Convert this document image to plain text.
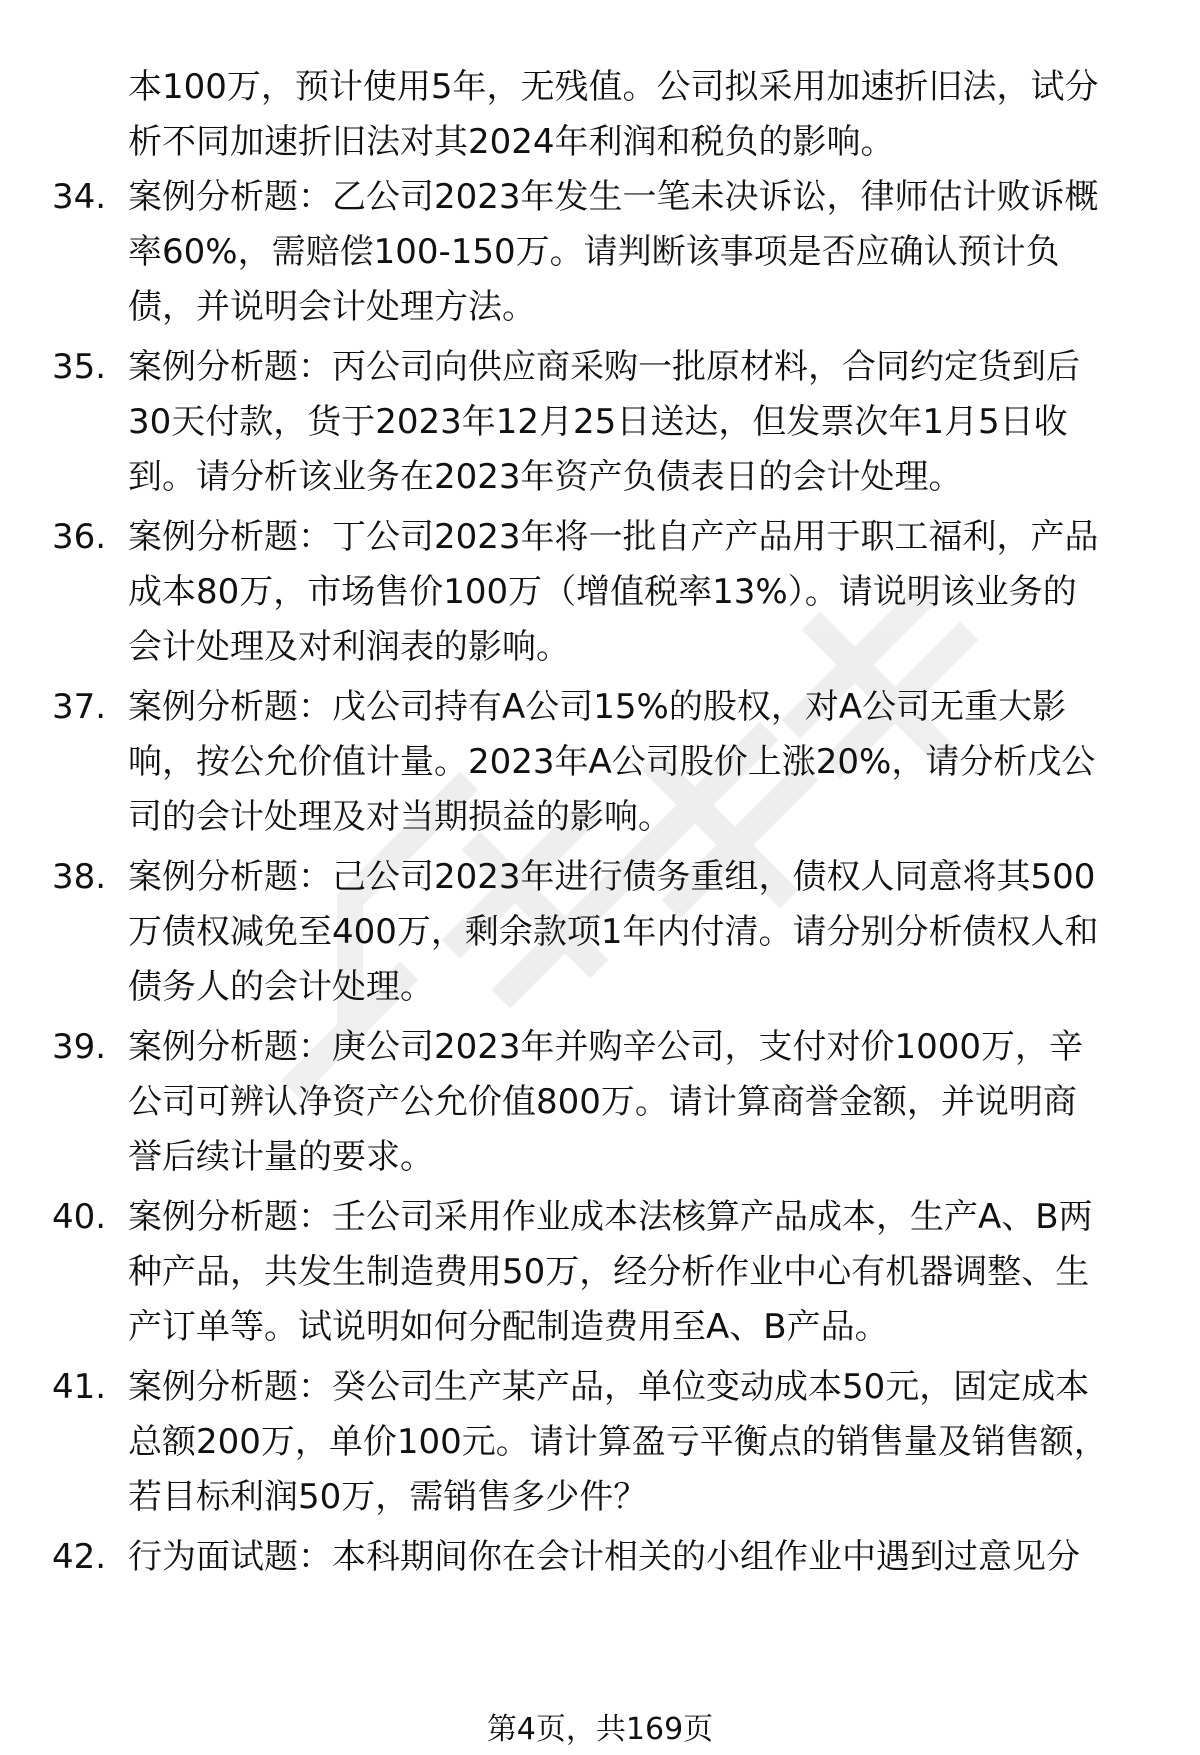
本100万，预计使用5年，无残值。公司拟采用加速折旧法，试分
析不同加速折旧法对其2024年利润和税负的影响。
34. 案例分析题：乙公司2023年发生一笔未决诉讼，律师估计败诉概
率60%，需赔偿100-150万。请判断该事项是否应确认预计负
债，并说明会计处理方法。
35. 案例分析题：丙公司向供应商采购一批原材料，合同约定货到后
30天付款，货于2023年12月25日送达，但发票次年1月5日收
到。请分析该业务在2023年资产负债表日的会计处理。
36. 案例分析题：丁公司2023年将一批自产产品用于职工福利，产品
成本80万，市场售价100万（增值税率13%）。请说明该业务的
会计处理及对利润表的影响。
37. 案例分析题：戊公司持有A公司15%的股权，对A公司无重大影
响，按公允价值计量。2023年A公司股价上涨20%，请分析戊公
司的会计处理及对当期损益的影响。
38. 案例分析题：己公司2023年进行债务重组，债权人同意将其500
万债权减免至400万，剩余款项1年内付清。请分别分析债权人和
债务人的会计处理。
39. 案例分析题：庚公司2023年并购辛公司，支付对价1000万，辛
公司可辨认净资产公允价值800万。请计算商誉金额，并说明商
誉后续计量的要求。
40. 案例分析题：壬公司采用作业成本法核算产品成本，生产A、B两
种产品，共发生制造费用50万，经分析作业中心有机器调整、生
产订单等。试说明如何分配制造费用至A、B产品。
41. 案例分析题：癸公司生产某产品，单位变动成本50元，固定成本
总额200万，单价100元。请计算盈亏平衡点的销售量及销售额，
若目标利润50万，需销售多少件？
42. 行为面试题：本科期间你在会计相关的小组作业中遇到过意见分
第4页，共169页
